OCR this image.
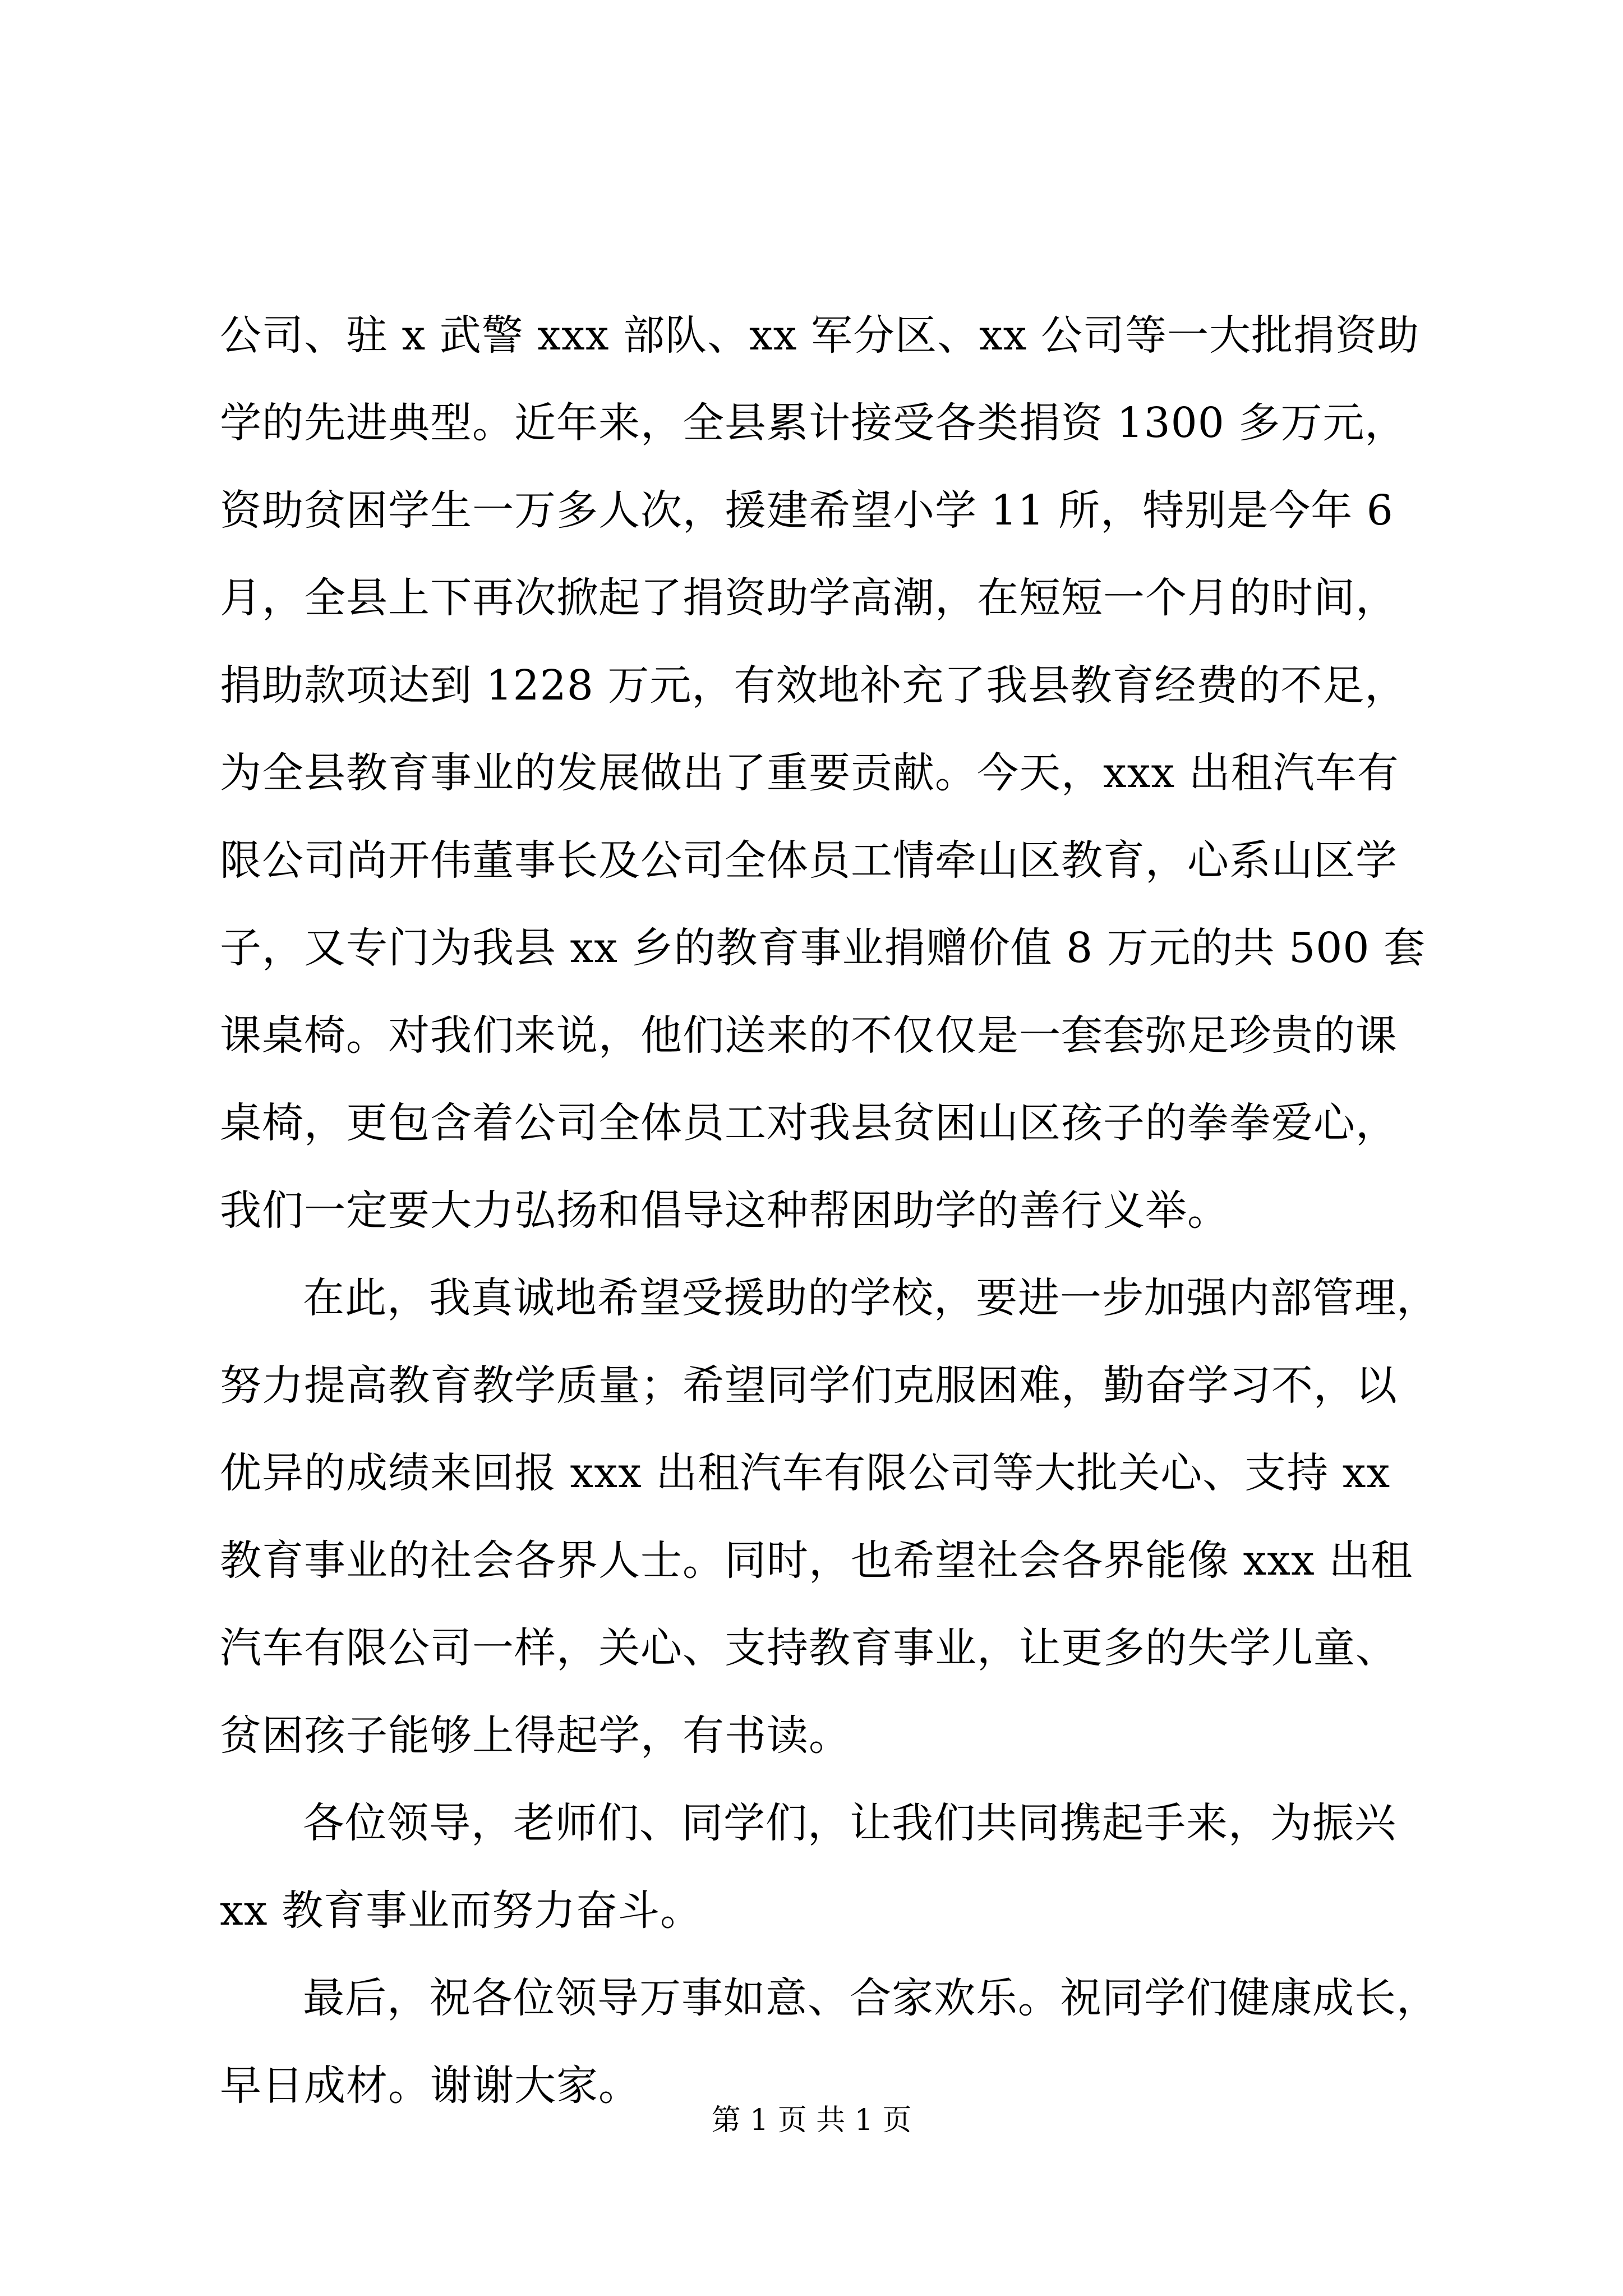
公司、驻 x 武警 xxx 部队、xx 军分区、xx 公司等一大批捐资助
学的先进典型。近年来，全县累计接受各类捐资 1300 多万元，
资助贫困学生一万多人次，援建希望小学 11 所，特别是今年 6
月，全县上下再次掀起了捐资助学高潮，在短短一个月的时间，
捐助款项达到 1228 万元，有效地补充了我县教育经费的不足，
为全县教育事业的发展做出了重要贡献。今天，xxx 出租汽车有
限公司尚开伟董事长及公司全体员工情牵山区教育，心系山区学
子，又专门为我县 xx 乡的教育事业捐赠价值 8 万元的共 500 套
课桌椅。对我们来说，他们送来的不仅仅是一套套弥足珍贵的课
桌椅，更包含着公司全体员工对我县贫困山区孩子的拳拳爱心，
我们一定要大力弘扬和倡导这种帮困助学的善行义举。
在此，我真诚地希望受援助的学校，要进一步加强内部管理，
努力提高教育教学质量；希望同学们克服困难，勤奋学习不，以
优异的成绩来回报 xxx 出租汽车有限公司等大批关心、支持 xx
教育事业的社会各界人士。同时，也希望社会各界能像 xxx 出租
汽车有限公司一样，关心、支持教育事业，让更多的失学儿童、
贫困孩子能够上得起学，有书读。
各位领导，老师们、同学们，让我们共同携起手来，为振兴
xx 教育事业而努力奋斗。
最后，祝各位领导万事如意、合家欢乐。祝同学们健康成长，
早日成材。谢谢大家。
第 1 页 共 1 页
